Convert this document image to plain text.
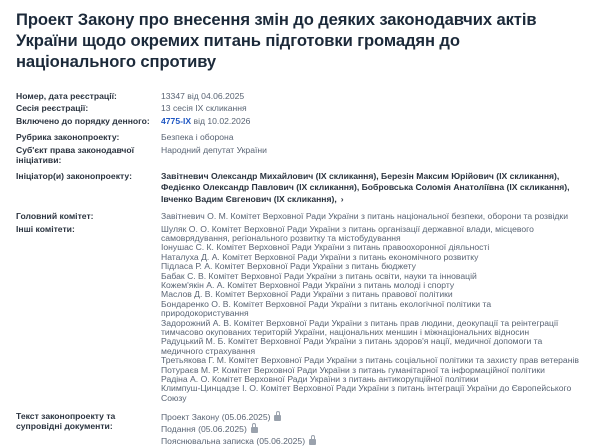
Проект Закону про внесення змін до деяких законодавчих актів України щодо окремих питань підготовки громадян до національного спротиву
Номер, дата реєстрації:	13347 від 04.06.2025
Сесія реєстрації:	13 сесія IX скликання
Включено до порядку денного:	4775-IX від 10.02.2026
Рубрика законопроекту:	Безпека і оборона
Суб'єкт права законодавчої ініціативи:
Народний депутат України
Ініціатор(и) законопроекту:	Завітневич Олександр Михайлович (IX скликання), Березін Максим Юрійович (IX скликання), Федієнко Олександр Павлович (IX скликання), Бобровська Соломія Анатоліївна (IX скликання), Івченко Вадим Євгенович (IX скликання), ›
Головний комітет:	Завітневич О. М. Комітет Верховної Ради України з питань національної безпеки, оборони та розвідки
Інші комітети:	Шуляк О. О. Комітет Верховної Ради України з питань організації державної влади, місцевого
самоврядування, регіонального розвитку та містобудування
Іонушас С. К. Комітет Верховної Ради України з питань правоохоронної діяльності
Наталуха Д. А. Комітет Верховної Ради України з питань економічного розвитку
Підласа Р. А. Комітет Верховної Ради України з питань бюджету
Бабак С. В. Комітет Верховної Ради України з питань освіти, науки та інновацій
Кожем'якін А. А. Комітет Верховної Ради України з питань молоді і спорту
Маслов Д. В. Комітет Верховної Ради України з питань правової політики
Бондаренко О. В. Комітет Верховної Ради України з питань екологічної політики та
природокористування
Задорожний А. В. Комітет Верховної Ради України з питань прав людини, деокупації та реінтеграції
тимчасово окупованих територій України, національних меншин і міжнаціональних відносин
Радуцький М. Б. Комітет Верховної Ради України з питань здоров'я нації, медичної допомоги та
медичного страхування
Третьякова Г. М. Комітет Верховної Ради України з питань соціальної політики та захисту прав ветеранів
Потураєв М. Р. Комітет Верховної Ради України з питань гуманітарної та інформаційної політики
Радіна А. О. Комітет Верховної Ради України з питань антикорупційної політики
Климпуш-Цинцадзе І. О. Комітет Верховної Ради України з питань інтеграції України до Європейського
Союзу
Текст законопроекту та супровідні документи:
Проект Закону (05.06.2025)
Подання (05.06.2025)
Пояснювальна записка (05.06.2025)
